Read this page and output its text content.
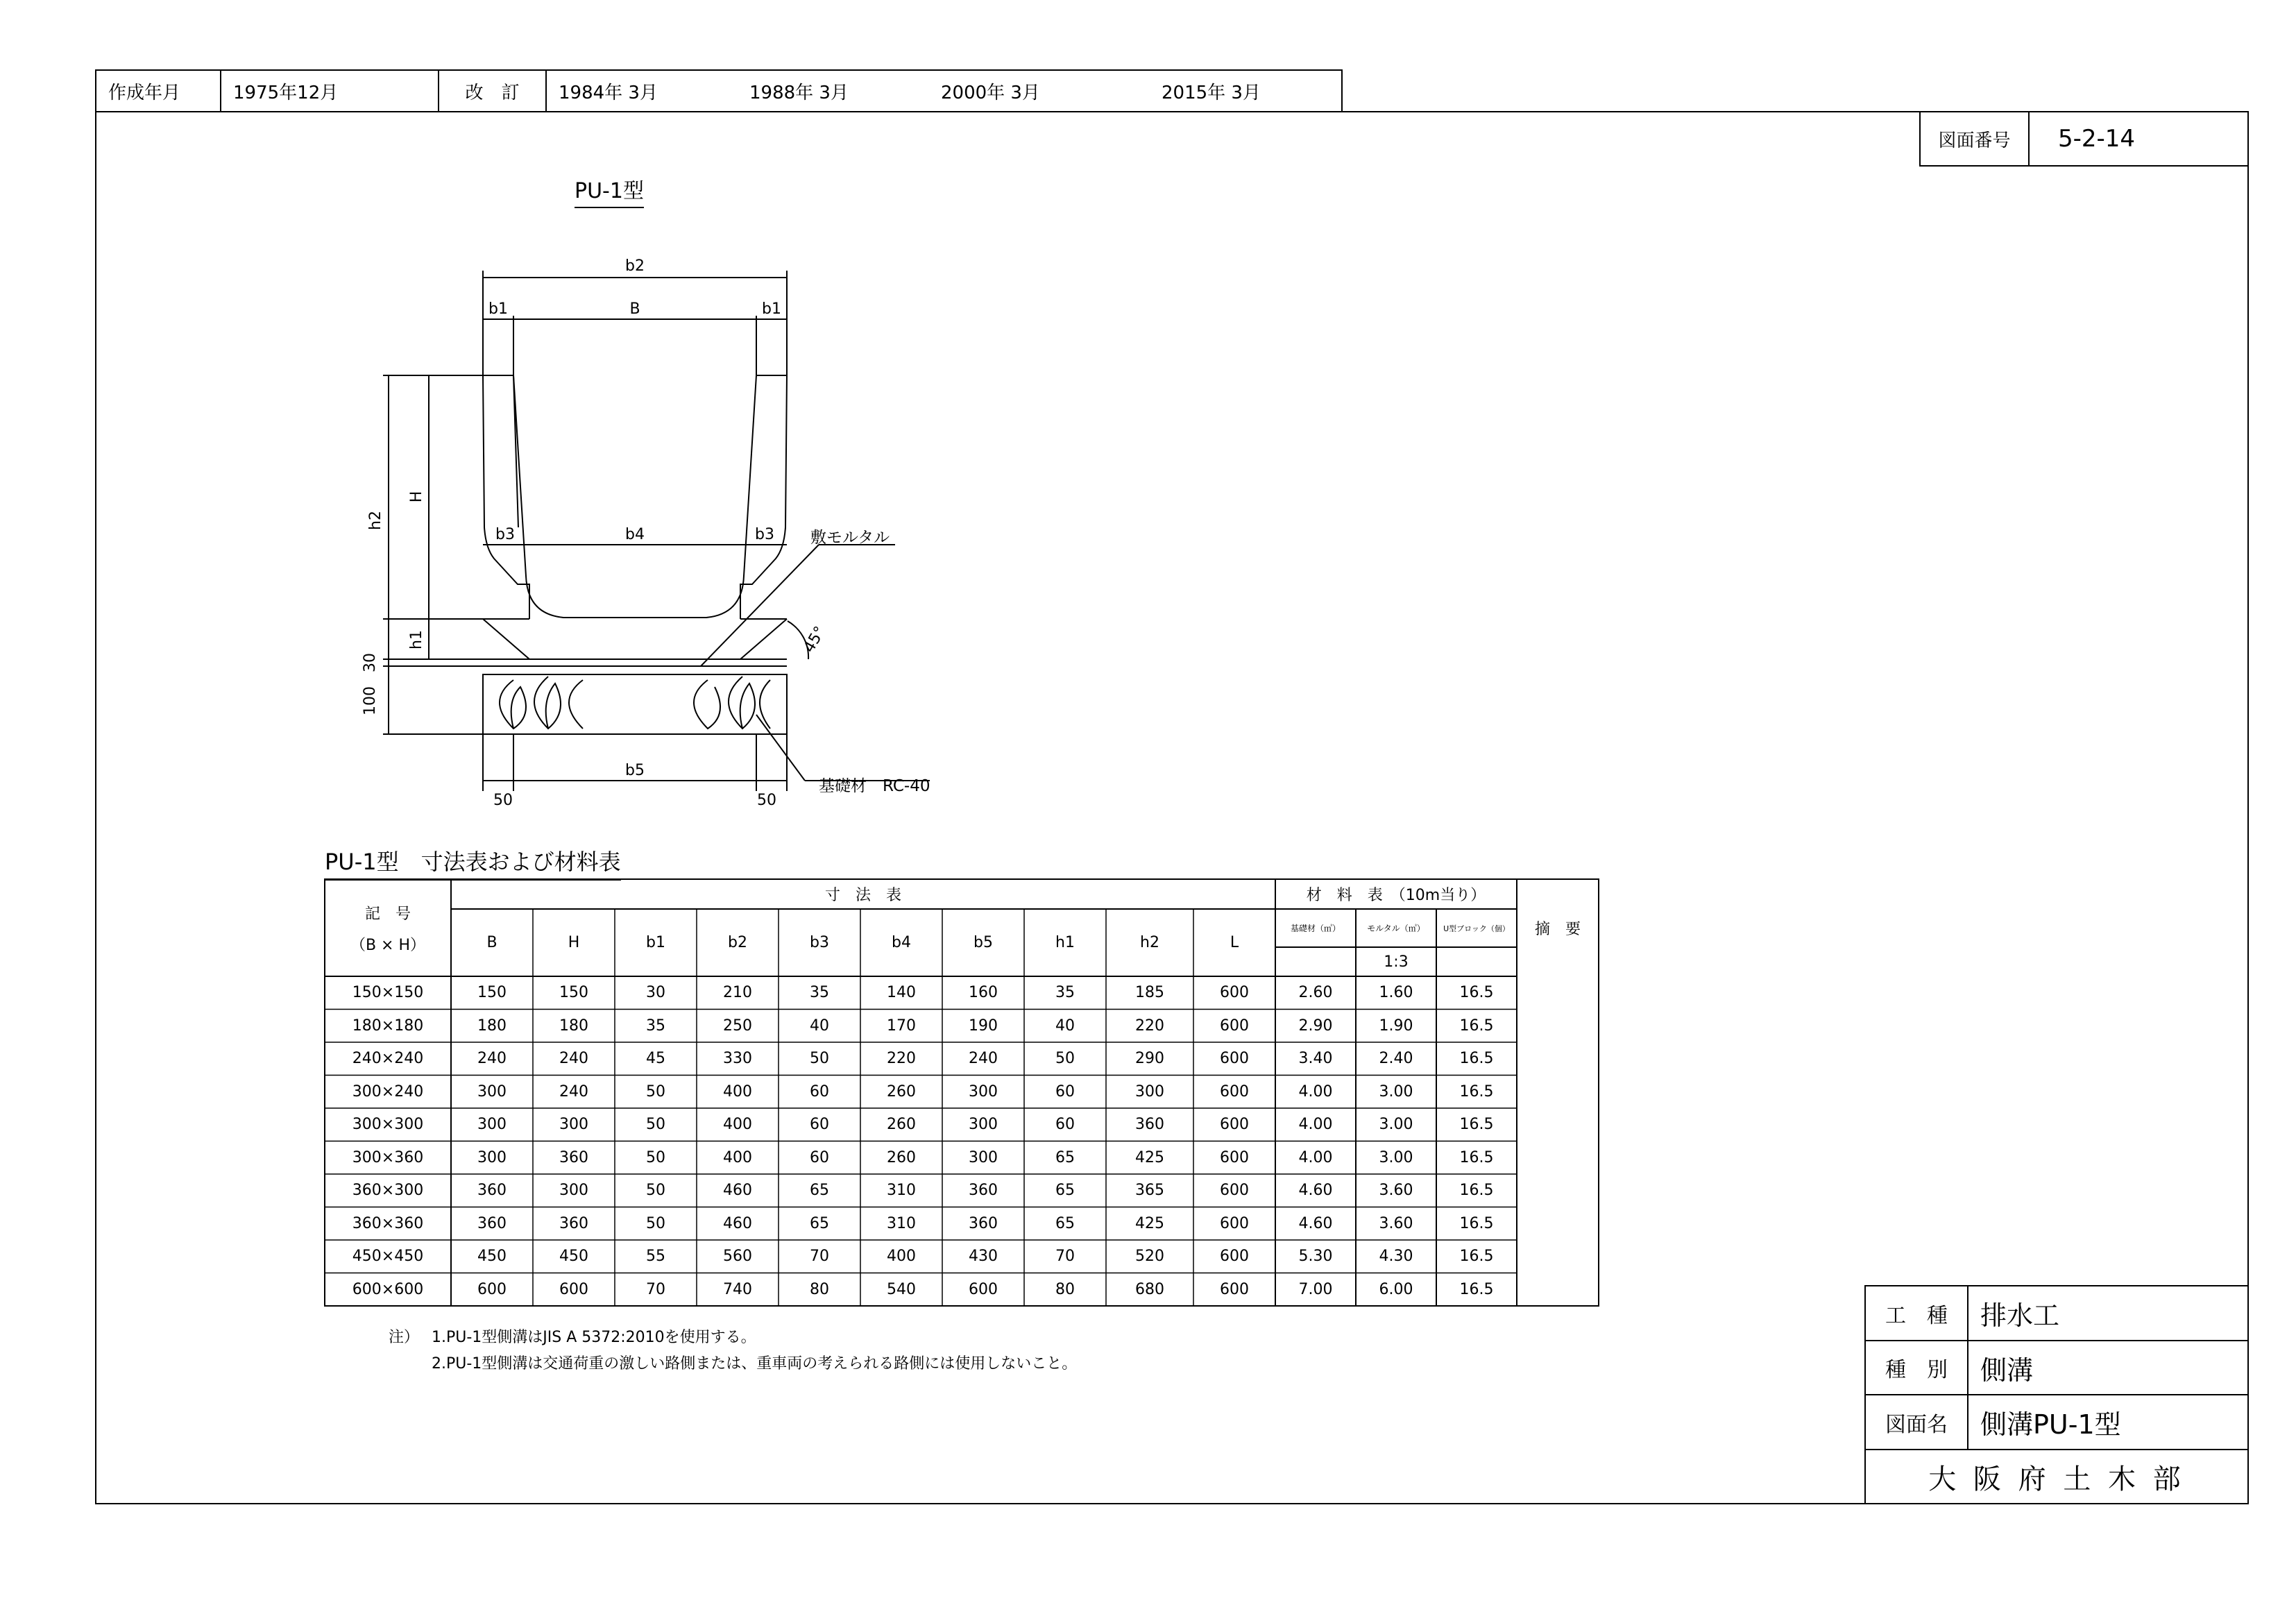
作成年月	1975年12月	改　訂	1984年 3月	1988年 3月	2000年 3月	2015年 3月
図面番号	5-2-14
PU-1型
b2
b1	B	b1
b3	b4	b3
b5
50	50
h2
H
h1
30
100
45°
敷モルタル
基礎材　RC-40
PU-1型　寸法表および材料表
記　号
（B × H）
寸　法　表	材　料　表　（10m当り）
摘　要
B	H	b1	b2	b3	b4	b5	h1	h2	L
基礎材（㎥）	モルタル（㎥）	U型ブロック（個）
1:3
150×150	150	150	30	210	35	140	160	35	185	600	2.60	1.60	16.5
180×180	180	180	35	250	40	170	190	40	220	600	2.90	1.90	16.5
240×240	240	240	45	330	50	220	240	50	290	600	3.40	2.40	16.5
300×240	300	240	50	400	60	260	300	60	300	600	4.00	3.00	16.5
300×300	300	300	50	400	60	260	300	60	360	600	4.00	3.00	16.5
300×360	300	360	50	400	60	260	300	65	425	600	4.00	3.00	16.5
360×300	360	300	50	460	65	310	360	65	365	600	4.60	3.60	16.5
360×360	360	360	50	460	65	310	360	65	425	600	4.60	3.60	16.5
450×450	450	450	55	560	70	400	430	70	520	600	5.30	4.30	16.5
600×600	600	600	70	740	80	540	600	80	680	600	7.00	6.00	16.5
注） 1.PU-1型側溝はJIS A 5372:2010を使用する。
2.PU-1型側溝は交通荷重の激しい路側または、重車両の考えられる路側には使用しないこと。
工　種	排水工
種　別	側溝
図面名	側溝PU-1型
大 阪 府 土 木 部
